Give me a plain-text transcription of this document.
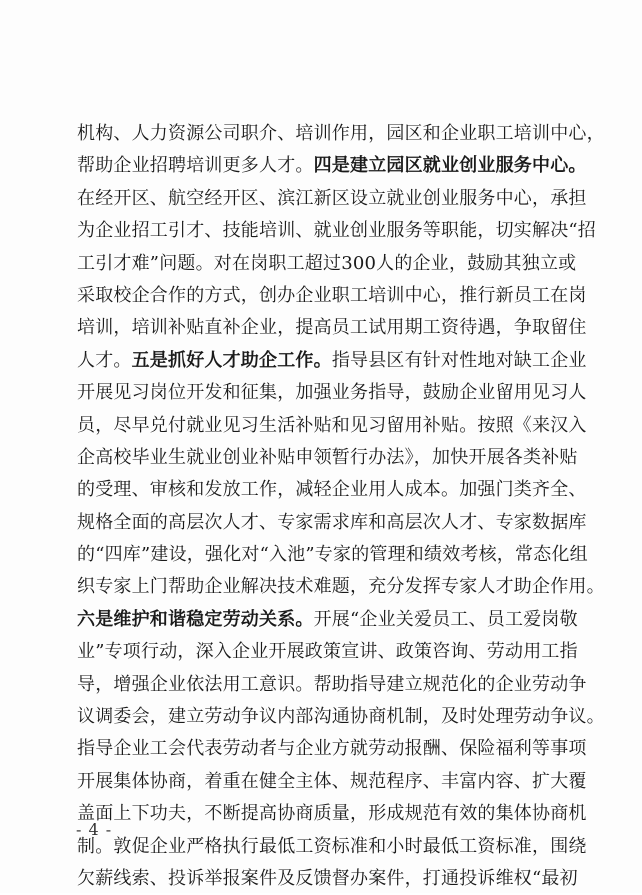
机构、人力资源公司职介、培训作用，园区和企业职工培训中心，
帮助企业招聘培训更多人才。四是建立园区就业创业服务中心。
在经开区、航空经开区、滨江新区设立就业创业服务中心，承担
为企业招工引才、技能培训、就业创业服务等职能，切实解决“招
工引才难”问题。对在岗职工超过300人的企业，鼓励其独立或
采取校企合作的方式，创办企业职工培训中心，推行新员工在岗
培训，培训补贴直补企业，提高员工试用期工资待遇，争取留住
人才。五是抓好人才助企工作。指导县区有针对性地对缺工企业
开展见习岗位开发和征集，加强业务指导，鼓励企业留用见习人
员，尽早兑付就业见习生活补贴和见习留用补贴。按照《来汉入
企高校毕业生就业创业补贴申领暂行办法》，加快开展各类补贴
的受理、审核和发放工作，减轻企业用人成本。加强门类齐全、
规格全面的高层次人才、专家需求库和高层次人才、专家数据库
的“四库”建设，强化对“入池”专家的管理和绩效考核，常态化组
织专家上门帮助企业解决技术难题，充分发挥专家人才助企作用。
六是维护和谐稳定劳动关系。开展“企业关爱员工、员工爱岗敬
业”专项行动，深入企业开展政策宣讲、政策咨询、劳动用工指
导，增强企业依法用工意识。帮助指导建立规范化的企业劳动争
议调委会，建立劳动争议内部沟通协商机制，及时处理劳动争议。
指导企业工会代表劳动者与企业方就劳动报酬、保险福利等事项
开展集体协商，着重在健全主体、规范程序、丰富内容、扩大覆
盖面上下功夫，不断提高协商质量，形成规范有效的集体协商机
制。敦促企业严格执行最低工资标准和小时最低工资标准，围绕
欠薪线索、投诉举报案件及反馈督办案件，打通投诉维权“最初
- 4 -
